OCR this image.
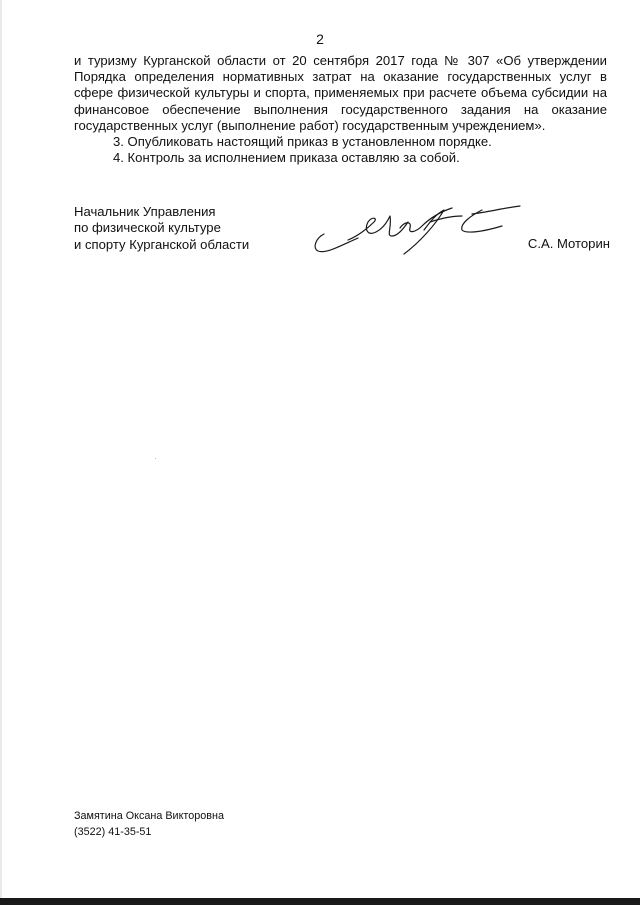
2

и туризму Курганской области от 20 сентября 2017 года № 307 «Об утверждении Порядка определения нормативных затрат на оказание государственных услуг в сфере физической культуры и спорта, применяемых при расчете объема субсидии на финансовое обеспечение выполнения государственного задания на оказание государственных услуг (выполнение работ) государственным учреждением».

3. Опубликовать настоящий приказ в установленном порядке.

4. Контроль за исполнением приказа оставляю за собой.

Начальник Управления
по физической культуре
и спорту Курганской области	С.А. Моторин
Замятина Оксана Викторовна
(3522) 41-35-51
